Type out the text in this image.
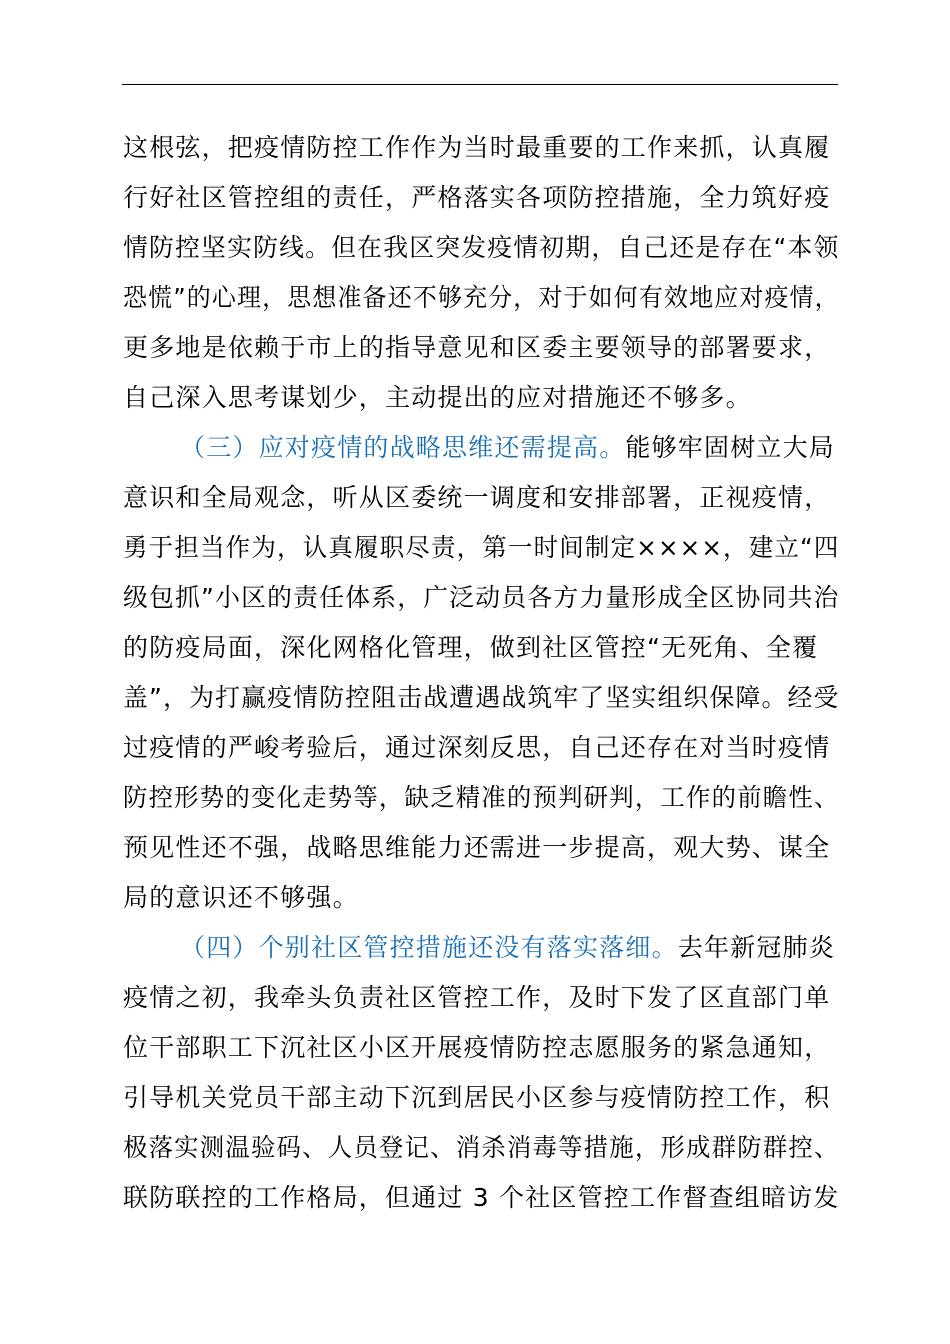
这根弦，把疫情防控工作作为当时最重要的工作来抓，认真履
行好社区管控组的责任，严格落实各项防控措施，全力筑好疫
情防控坚实防线。但在我区突发疫情初期，自己还是存在“本领
恐慌”的心理，思想准备还不够充分，对于如何有效地应对疫情，
更多地是依赖于市上的指导意见和区委主要领导的部署要求，
自己深入思考谋划少，主动提出的应对措施还不够多。
（三）应对疫情的战略思维还需提高。能够牢固树立大局
意识和全局观念，听从区委统一调度和安排部署，正视疫情，
勇于担当作为，认真履职尽责，第一时间制定××××，建立“四
级包抓”小区的责任体系，广泛动员各方力量形成全区协同共治
的防疫局面，深化网格化管理，做到社区管控“无死角、全覆
盖”，为打赢疫情防控阻击战遭遇战筑牢了坚实组织保障。经受
过疫情的严峻考验后，通过深刻反思，自己还存在对当时疫情
防控形势的变化走势等，缺乏精准的预判研判，工作的前瞻性、
预见性还不强，战略思维能力还需进一步提高，观大势、谋全
局的意识还不够强。
（四）个别社区管控措施还没有落实落细。去年新冠肺炎
疫情之初，我牵头负责社区管控工作，及时下发了区直部门单
位干部职工下沉社区小区开展疫情防控志愿服务的紧急通知，
引导机关党员干部主动下沉到居民小区参与疫情防控工作，积
极落实测温验码、人员登记、消杀消毒等措施，形成群防群控、
联防联控的工作格局，但通过 3 个社区管控工作督查组暗访发
